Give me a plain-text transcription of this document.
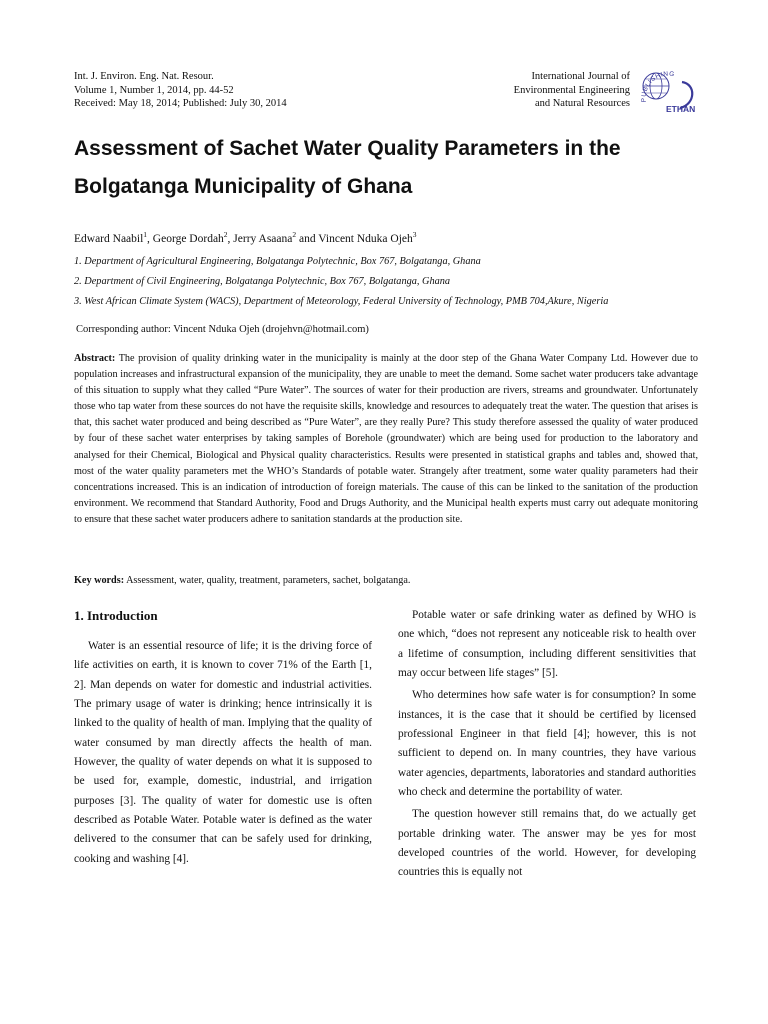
Int. J. Environ. Eng. Nat. Resour.
Volume 1, Number 1, 2014, pp. 44-52
Received: May 18, 2014; Published: July 30, 2014
International Journal of
Environmental Engineering
and Natural Resources PUBLISHING
ETHAN
Assessment of Sachet Water Quality Parameters in the Bolgatanga Municipality of Ghana
Edward Naabil$^1$, George Dordah$^2$, Jerry Asaana$^2$ and Vincent Nduka Ojeh$^3$
1. Department of Agricultural Engineering, Bolgatanga Polytechnic, Box 767, Bolgatanga, Ghana
2. Department of Civil Engineering, Bolgatanga Polytechnic, Box 767, Bolgatanga, Ghana
3. West African Climate System (WACS), Department of Meteorology, Federal University of Technology, PMB 704,Akure, Nigeria
Corresponding author: Vincent Nduka Ojeh (drojehvn@hotmail.com)
Abstract: The provision of quality drinking water in the municipality is mainly at the door step of the Ghana Water Company Ltd. However due to population increases and infrastructural expansion of the municipality, they are unable to meet the demand. Some sachet water producers take advantage of this situation to supply what they called “Pure Water”. The sources of water for their production are rivers, streams and groundwater. Unfortunately those who tap water from these sources do not have the requisite skills, knowledge and resources to adequately treat the water. The question that arises is that, this sachet water produced and being described as “Pure Water”, are they really Pure? This study therefore assessed the quality of water produced by four of these sachet water enterprises by taking samples of Borehole (groundwater) which are being used for production to the laboratory and analysed for their Chemical, Biological and Physical quality characteristics. Results were presented in statistical graphs and tables and, showed that, most of the water quality parameters met the WHO’s Standards of potable water. Strangely after treatment, some water quality parameters had their concentrations increased. This is an indication of introduction of foreign materials. The cause of this can be linked to the sanitation of the production environment. We recommend that Standard Authority, Food and Drugs Authority, and the Municipal health experts must carry out adequate monitoring to ensure that these sachet water producers adhere to sanitation standards at the production site.
Key words: Assessment, water, quality, treatment, parameters, sachet, bolgatanga.
1. Introduction

Water is an essential resource of life; it is the driving force of life activities on earth, it is known to cover 71% of the Earth [1, 2]. Man depends on water for domestic and industrial activities. The primary usage of water is drinking; hence intrinsically it is linked to the quality of health of man. Implying that the quality of water consumed by man directly affects the health of man. However, the quality of water depends on what it is supposed to be used for, example, domestic, industrial, and irrigation purposes [3]. The quality of water for domestic use is often described as Potable Water. Potable water is defined as the water delivered to the consumer that can be safely used for drinking, cooking and washing [4].

Potable water or safe drinking water as defined by WHO is one which, “does not represent any noticeable risk to health over a lifetime of consumption, including different sensitivities that may occur between life stages” [5].

Who determines how safe water is for consumption? In some instances, it is the case that it should be certified by licensed professional Engineer in that field [4]; however, this is not sufficient to depend on. In many countries, they have various water agencies, departments, laboratories and standard authorities who check and determine the portability of water.

The question however still remains that, do we actually get portable drinking water. The answer may be yes for most developed countries of the world. However, for developing countries this is equally not
